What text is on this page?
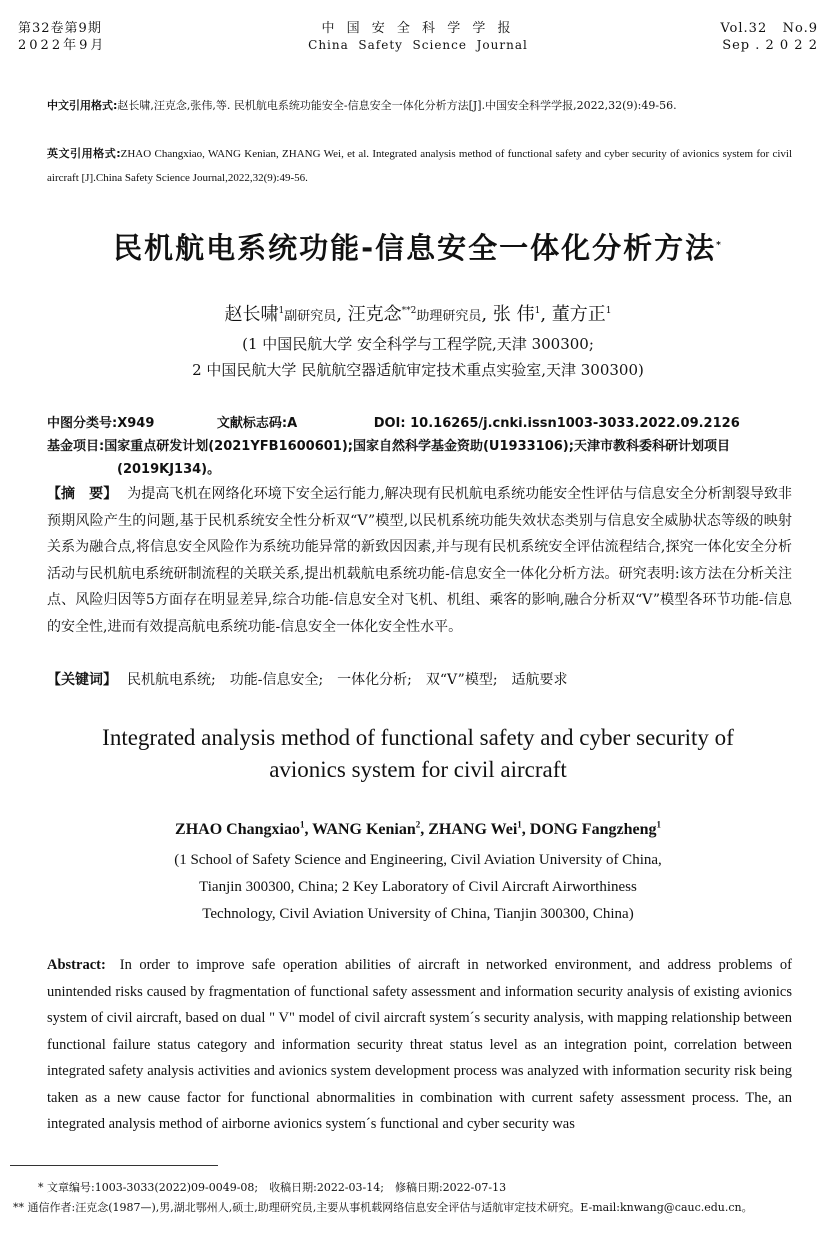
第32卷第9期
2022年9月
中 国 安 全 科 学 学 报
China  Safety  Science  Journal
Vol.32   No.9
Sep . 2 0 2 2
中文引用格式:赵长啸,汪克念,张伟,等. 民机航电系统功能安全-信息安全一体化分析方法[J].中国安全科学学报,2022,32(9):49-56.
英文引用格式:ZHAO Changxiao, WANG Kenian, ZHANG Wei, et al. Integrated analysis method of functional safety and cyber security of avionics system for civil aircraft [J].China Safety Science Journal,2022,32(9):49-56.
民机航电系统功能-信息安全一体化分析方法*
赵长啸$^1$副研究员, 汪克念$^{**2}$助理研究员, 张 伟$^1$, 董方正$^1$
(1 中国民航大学 安全科学与工程学院,天津 300300;
2 中国民航大学 民航航空器适航审定技术重点实验室,天津 300300)
中图分类号:X949	文献标志码:A	DOI: 10.16265/j.cnki.issn1003-3033.2022.09.2126
基金项目:国家重点研发计划(2021YFB1600601);国家自然科学基金资助(U1933106);天津市教科委科研计划项目(2019KJ134)。
【摘　要】 为提高飞机在网络化环境下安全运行能力,解决现有民机航电系统功能安全性评估与信息安全分析割裂导致非预期风险产生的问题,基于民机系统安全性分析双“V”模型,以民机系统功能失效状态类别与信息安全威胁状态等级的映射关系为融合点,将信息安全风险作为系统功能异常的新致因因素,并与现有民机系统安全评估流程结合,探究一体化安全分析活动与民机航电系统研制流程的关联关系,提出机载航电系统功能-信息安全一体化分析方法。研究表明:该方法在分析关注点、风险归因等5方面存在明显差异,综合功能-信息安全对飞机、机组、乘客的影响,融合分析双“V”模型各环节功能-信息的安全性,进而有效提高航电系统功能-信息安全一体化安全性水平。
【关键词】 民机航电系统; 功能-信息安全; 一体化分析; 双“V”模型; 适航要求
Integrated analysis method of functional safety and cyber security of
avionics system for civil aircraft
ZHAO Changxiao$^1$, WANG Kenian$^2$, ZHANG Wei$^1$, DONG Fangzheng$^1$
(1 School of Safety Science and Engineering, Civil Aviation University of China,
Tianjin 300300, China; 2 Key Laboratory of Civil Aircraft Airworthiness
Technology, Civil Aviation University of China, Tianjin 300300, China)
Abstract: In order to improve safe operation abilities of aircraft in networked environment, and address problems of unintended risks caused by fragmentation of functional safety assessment and information security analysis of existing avionics system of civil aircraft, based on dual " V" model of civil aircraft system´s security analysis, with mapping relationship between functional failure status category and information security threat status level as an integration point, correlation between integrated safety analysis activities and avionics system development process was analyzed with information security risk being taken as a new cause factor for functional abnormalities in combination with current safety assessment process. The, an integrated analysis method of airborne avionics system´s functional and cyber security was
* 文章编号:1003-3033(2022)09-0049-08;　收稿日期:2022-03-14;　修稿日期:2022-07-13
** 通信作者:汪克念(1987—),男,湖北鄂州人,硕士,助理研究员,主要从事机载网络信息安全评估与适航审定技术研究。E-mail:knwang@cauc.edu.cn。
